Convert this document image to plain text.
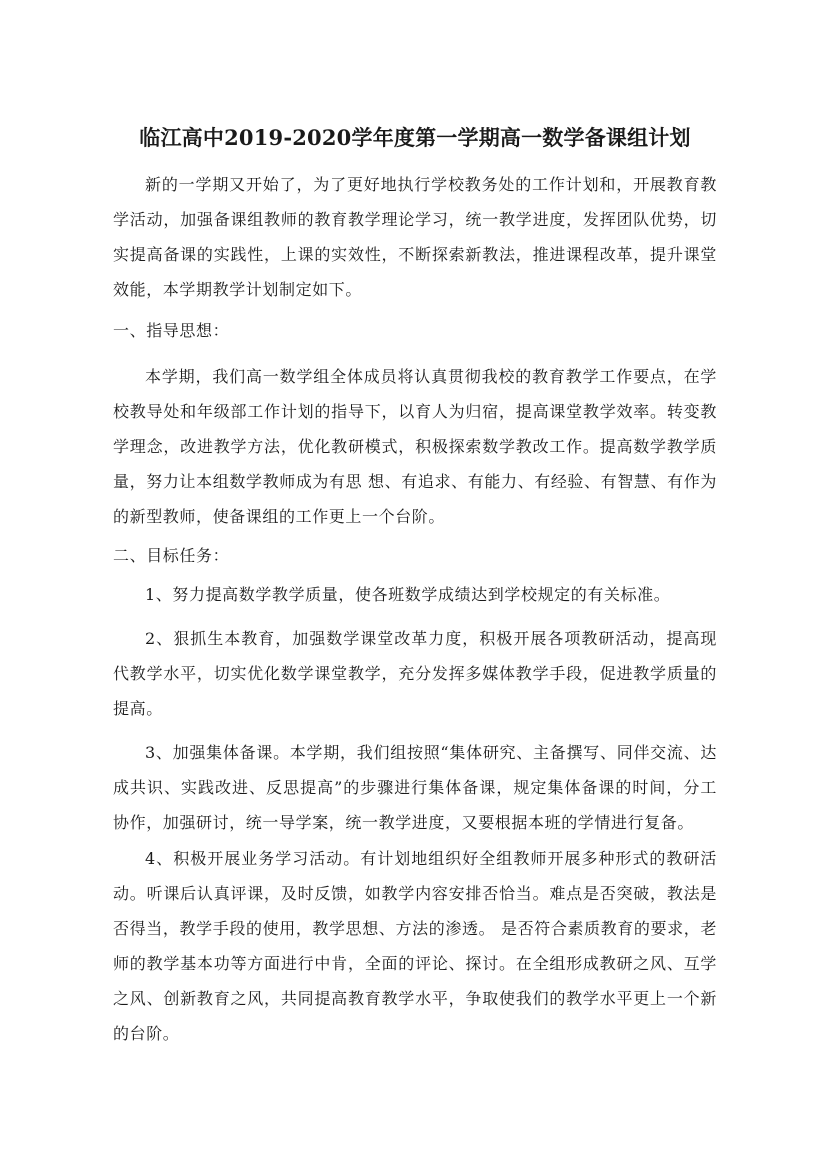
临江高中2019-2020学年度第一学期高一数学备课组计划

新的一学期又开始了，为了更好地执行学校教务处的工作计划和，开展教育教学活动，加强备课组教师的教育教学理论学习，统一教学进度，发挥团队优势，切实提高备课的实践性，上课的实效性，不断探索新教法，推进课程改革，提升课堂效能，本学期教学计划制定如下。

一、指导思想：

本学期，我们高一数学组全体成员将认真贯彻我校的教育教学工作要点，在学校教导处和年级部工作计划的指导下，以育人为归宿，提高课堂教学效率。转变教学理念，改进教学方法，优化教研模式，积极探索数学教改工作。提高数学教学质量，努力让本组数学教师成为有思 想、有追求、有能力、有经验、有智慧、有作为的新型教师，使备课组的工作更上一个台阶。

二、目标任务：

1、努力提高数学教学质量，使各班数学成绩达到学校规定的有关标准。

2、狠抓生本教育，加强数学课堂改革力度，积极开展各项教研活动，提高现代教学水平，切实优化数学课堂教学，充分发挥多媒体教学手段，促进教学质量的提高。

3、加强集体备课。本学期，我们组按照“集体研究、主备撰写、同伴交流、达成共识、实践改进、反思提高”的步骤进行集体备课，规定集体备课的时间，分工协作，加强研讨，统一导学案，统一教学进度，又要根据本班的学情进行复备。

4、积极开展业务学习活动。有计划地组织好全组教师开展多种形式的教研活动。听课后认真评课，及时反馈，如教学内容安排否恰当。难点是否突破，教法是否得当，教学手段的使用，教学思想、方法的渗透。 是否符合素质教育的要求，老师的教学基本功等方面进行中肯，全面的评论、探讨。在全组形成教研之风、互学之风、创新教育之风，共同提高教育教学水平，争取使我们的教学水平更上一个新的台阶。
